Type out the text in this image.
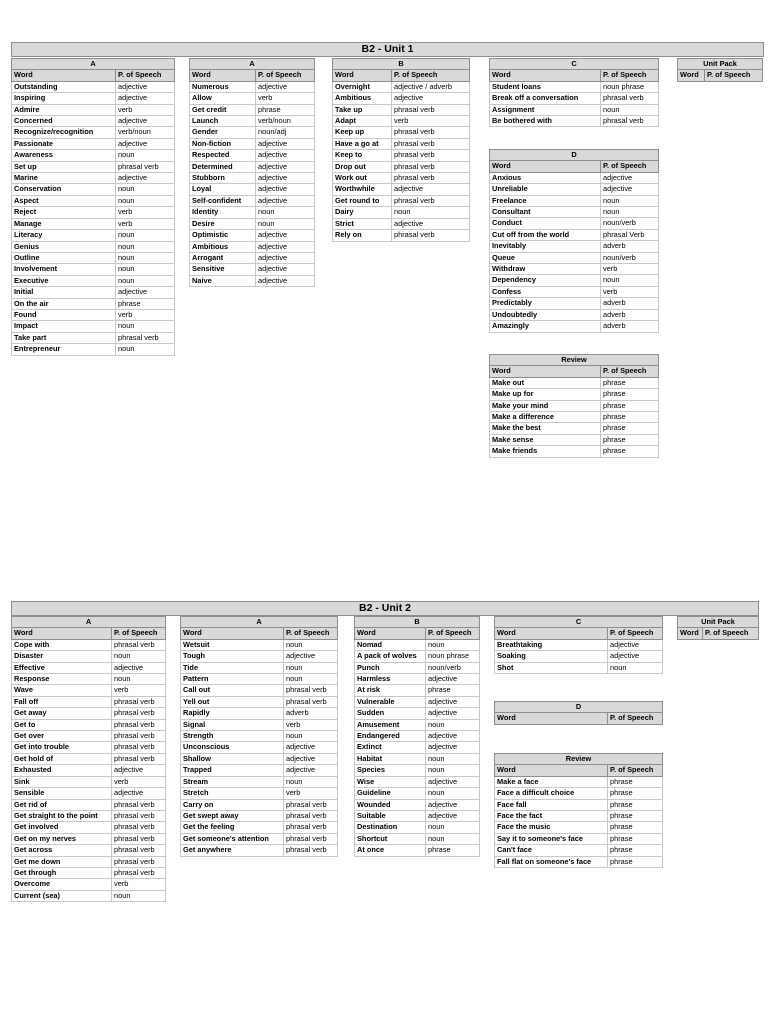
B2 - Unit 1
B2 - Unit 2
A	
Word	P. of Speech
Outstanding	adjective
Inspiring	adjective
Admire	verb
Concerned	adjective
Recognize/recognition	verb/noun
Passionate	adjective
Awareness	noun
Set up	phrasal verb
Marine	adjective
Conservation	noun
Aspect	noun
Reject	verb
Manage	verb
Literacy	noun
Genius	noun
Outline	noun
Involvement	noun
Executive	noun
Initial	adjective
On the air	phrase
Found	verb
Impact	noun
Take part	phrasal verb
Entrepreneur	noun
A	
Word	P. of Speech
Numerous	adjective
Allow	verb
Get credit	phrase
Launch	verb/noun
Gender	noun/adj
Non-fiction	adjective
Respected	adjective
Determined	adjective
Stubborn	adjective
Loyal	adjective
Self-confident	adjective
Identity	noun
Desire	noun
Optimistic	adjective
Ambitious	adjective
Arrogant	adjective
Sensitive	adjective
Naive	adjective
B	
Word	P. of Speech
Overnight	adjective / adverb
Ambitious	adjective
Take up	phrasal verb
Adapt	verb
Keep up	phrasal verb
Have a go at	phrasal verb
Keep to	phrasal verb
Drop out	phrasal verb
Work out	phrasal verb
Worthwhile	adjective
Get round to	phrasal verb
Dairy	noun
Strict	adjective
Rely on	phrasal verb
C	
Word	P. of Speech
Student loans	noun phrase
Break off a conversation	phrasal verb
Assignment	noun
Be bothered with	phrasal verb
D	
Word	P. of Speech
Anxious	adjective
Unreliable	adjective
Freelance	noun
Consultant	noun
Conduct	noun/verb
Cut off from the world	phrasal Verb
Inevitably	adverb
Queue	noun/verb
Withdraw	verb
Dependency	noun
Confess	verb
Predictably	adverb
Undoubtedly	adverb
Amazingly	adverb
Review	
Word	P. of Speech
Make out	phrase
Make up for	phrase
Make your mind	phrase
Make a difference	phrase
Make the best	phrase
Make sense	phrase
Make friends	phrase
Unit Pack
Word	P. of Speech
A	
Word	P. of Speech
Cope with	phrasal verb
Disaster	noun
Effective	adjective
Response	noun
Wave	verb
Fall off	phrasal verb
Get away	phrasal verb
Get to	phrasal verb
Get over	phrasal verb
Get into trouble	phrasal verb
Get hold of	phrasal verb
Exhausted	adjective
Sink	verb
Sensible	adjective
Get rid of	phrasal verb
Get straight to the point	phrasal verb
Get involved	phrasal verb
Get on my nerves	phrasal verb
Get across	phrasal verb
Get me down	phrasal verb
Get through	phrasal verb
Overcome	verb
Current (sea)	noun
A	
Word	P. of Speech
Wetsuit	noun
Tough	adjective
Tide	noun
Pattern	noun
Call out	phrasal verb
Yell out	phrasal verb
Rapidly	adverb
Signal	verb
Strength	noun
Unconscious	adjective
Shallow	adjective
Trapped	adjective
Stream	noun
Stretch	verb
Carry on	phrasal verb
Get swept away	phrasal verb
Get the feeling	phrasal verb
Get someone's attention	phrasal verb
Get anywhere	phrasal verb
B	
Word	P. of Speech
Nomad	noun
A pack of wolves	noun phrase
Punch	noun/verb
Harmless	adjective
At risk	phrase
Vulnerable	adjective
Sudden	adjective
Amusement	noun
Endangered	adjective
Extinct	adjective
Habitat	noun
Species	noun
Wise	adjective
Guideline	noun
Wounded	adjective
Suitable	adjective
Destination	noun
Shortcut	noun
At once	phrase
C	
Word	P. of Speech
Breathtaking	adjective
Soaking	adjective
Shot	noun
D
Word	P. of Speech
Review	
Word	P. of Speech
Make a face	phrase
Face a difficult choice	phrase
Face fall	phrase
Face the fact	phrase
Face the music	phrase
Say it to someone's face	phrase
Can't face	phrase
Fall flat on someone's face	phrase
Unit Pack
Word	P. of Speech
